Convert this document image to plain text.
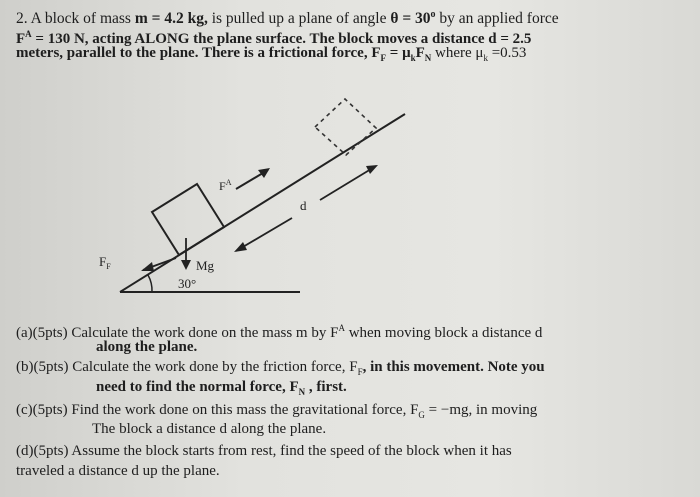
2. A block of mass m = 4.2 kg, is pulled up a plane of angle $\theta = 30^o$ by an applied force
$F^A = 130$ N, acting ALONG the plane surface. The block moves a distance d = 2.5
meters, parallel to the plane. There is a frictional force, $F_F = \mu_kF_N$ where $\mu_k =0.53$
$F^A$
d
$F_F$	Mg
30°
(a)(5pts) Calculate the work done on the mass m by $F^A$ when moving block a distance d
along the plane.
(b)(5pts) Calculate the work done by the friction force, $F_F$, in this movement. Note you
need to find the normal force, $F_N$ , first.
(c)(5pts) Find the work done on this mass the gravitational force, $F_G = -mg$, in moving
The block a distance d along the plane.
(d)(5pts) Assume the block starts from rest, find the speed of the block when it has
traveled a distance d up the plane.
